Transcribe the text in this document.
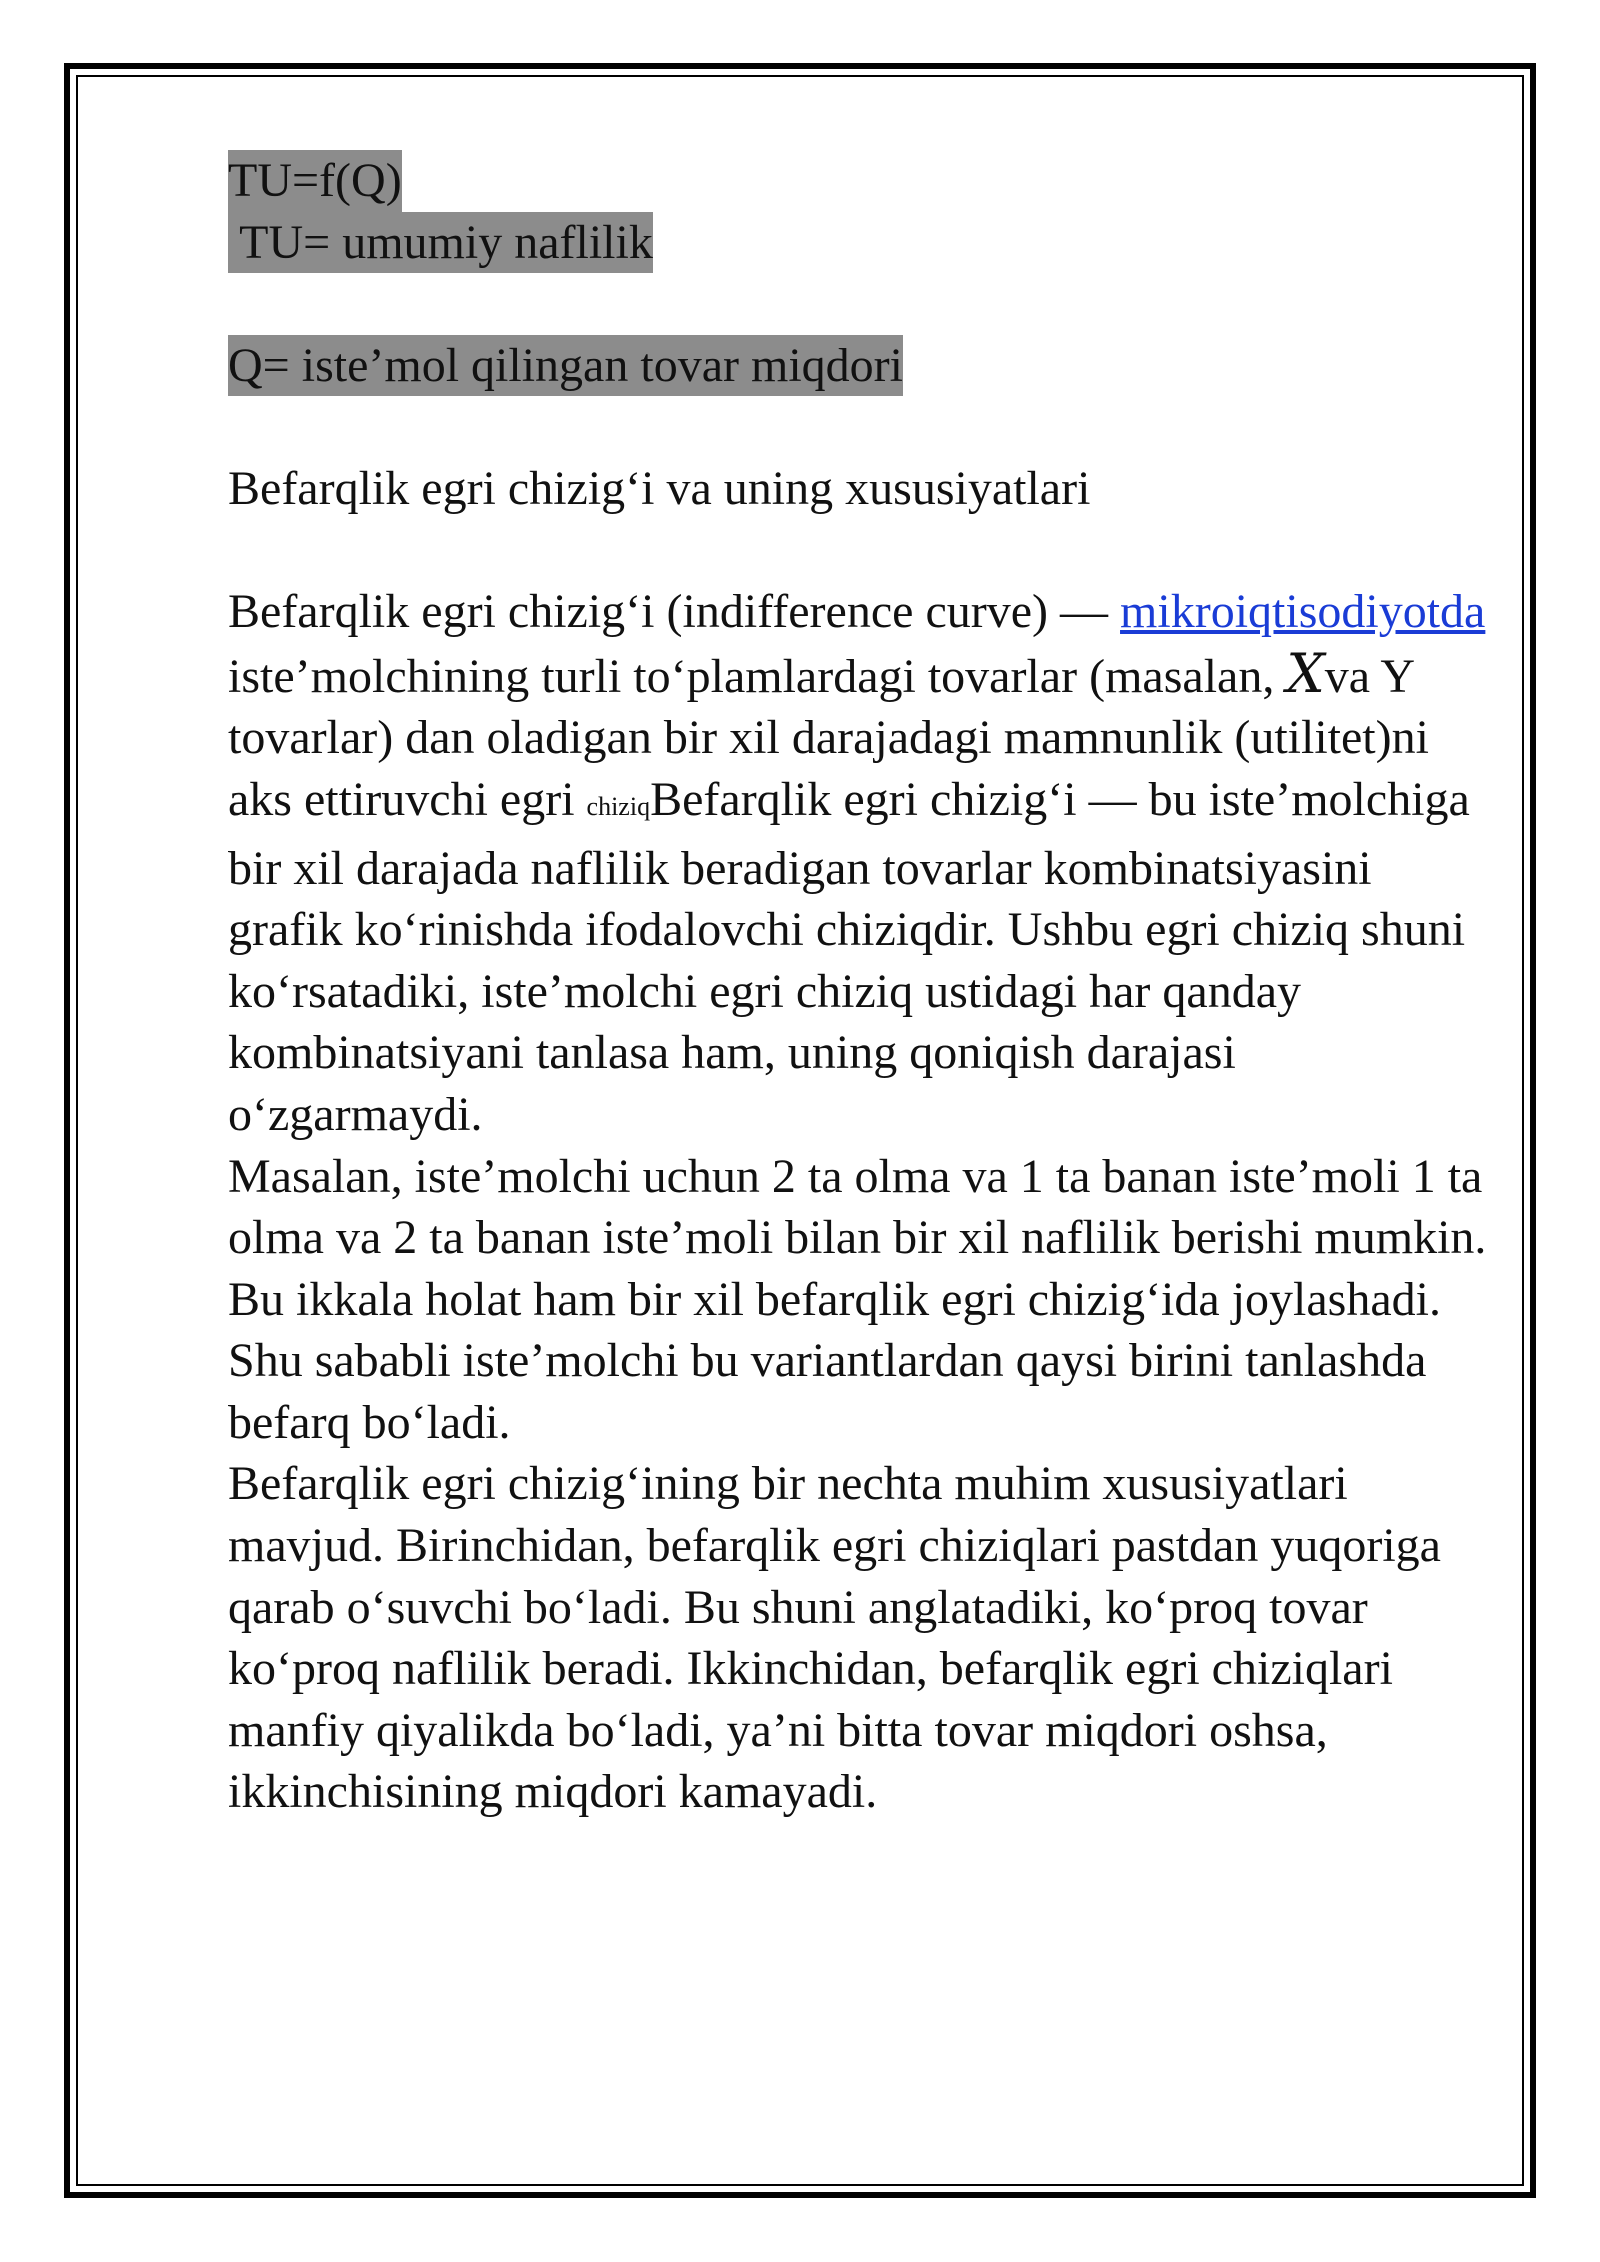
TU=f(Q)
TU= umumiy naflilik
Q= iste’mol qilingan tovar miqdori
Befarqlik egri chizig‘i va uning xususiyatlari
Befarqlik egri chizig‘i (indifference curve) — mikroiqtisodiyotda iste’molchining turli to‘plamlardagi tovarlar (masalan, Xva Y tovarlar) dan oladigan bir xil darajadagi mamnunlik (utilitet)ni aks ettiruvchi egri chiziqBefarqlik egri chizig‘i — bu iste’molchiga bir xil darajada naflilik beradigan tovarlar kombinatsiyasini grafik ko‘rinishda ifodalovchi chiziqdir. Ushbu egri chiziq shuni ko‘rsatadiki, iste’molchi egri chiziq ustidagi har qanday kombinatsiyani tanlasa ham, uning qoniqish darajasi o‘zgarmaydi.
Masalan, iste’molchi uchun 2 ta olma va 1 ta banan iste’moli 1 ta olma va 2 ta banan iste’moli bilan bir xil naflilik berishi mumkin. Bu ikkala holat ham bir xil befarqlik egri chizig‘ida joylashadi. Shu sababli iste’molchi bu variantlardan qaysi birini tanlashda befarq bo‘ladi.
Befarqlik egri chizig‘ining bir nechta muhim xususiyatlari mavjud. Birinchidan, befarqlik egri chiziqlari pastdan yuqoriga qarab o‘suvchi bo‘ladi. Bu shuni anglatadiki, ko‘proq tovar ko‘proq naflilik beradi. Ikkinchidan, befarqlik egri chiziqlari manfiy qiyalikda bo‘ladi, ya’ni bitta tovar miqdori oshsa, ikkinchisining miqdori kamayadi.
